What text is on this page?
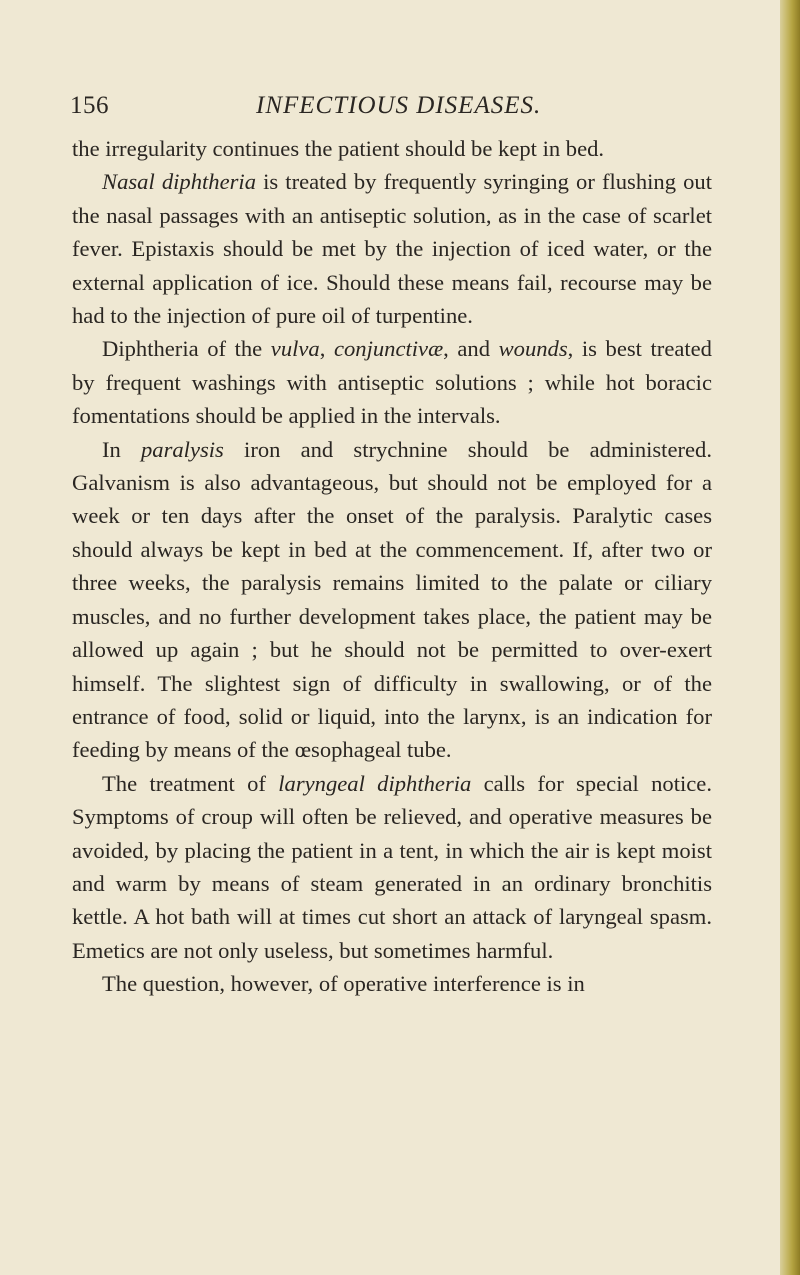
156	INFECTIOUS DISEASES.

the irregularity continues the patient should be kept in bed.

Nasal diphtheria is treated by frequently syringing or flushing out the nasal passages with an antiseptic solution, as in the case of scarlet fever. Epistaxis should be met by the injection of iced water, or the external application of ice. Should these means fail, recourse may be had to the injection of pure oil of turpentine.

Diphtheria of the vulva, conjunctivæ, and wounds, is best treated by frequent washings with antiseptic solutions ; while hot boracic fomentations should be applied in the intervals.

In paralysis iron and strychnine should be administered. Galvanism is also advantageous, but should not be employed for a week or ten days after the onset of the paralysis. Paralytic cases should always be kept in bed at the commencement. If, after two or three weeks, the paralysis remains limited to the palate or ciliary muscles, and no further development takes place, the patient may be allowed up again ; but he should not be permitted to over-exert himself. The slightest sign of difficulty in swallowing, or of the entrance of food, solid or liquid, into the larynx, is an indication for feeding by means of the œsophageal tube.

The treatment of laryngeal diphtheria calls for special notice. Symptoms of croup will often be relieved, and operative measures be avoided, by placing the patient in a tent, in which the air is kept moist and warm by means of steam generated in an ordinary bronchitis kettle. A hot bath will at times cut short an attack of laryngeal spasm. Emetics are not only useless, but sometimes harmful.

The question, however, of operative interference is in
